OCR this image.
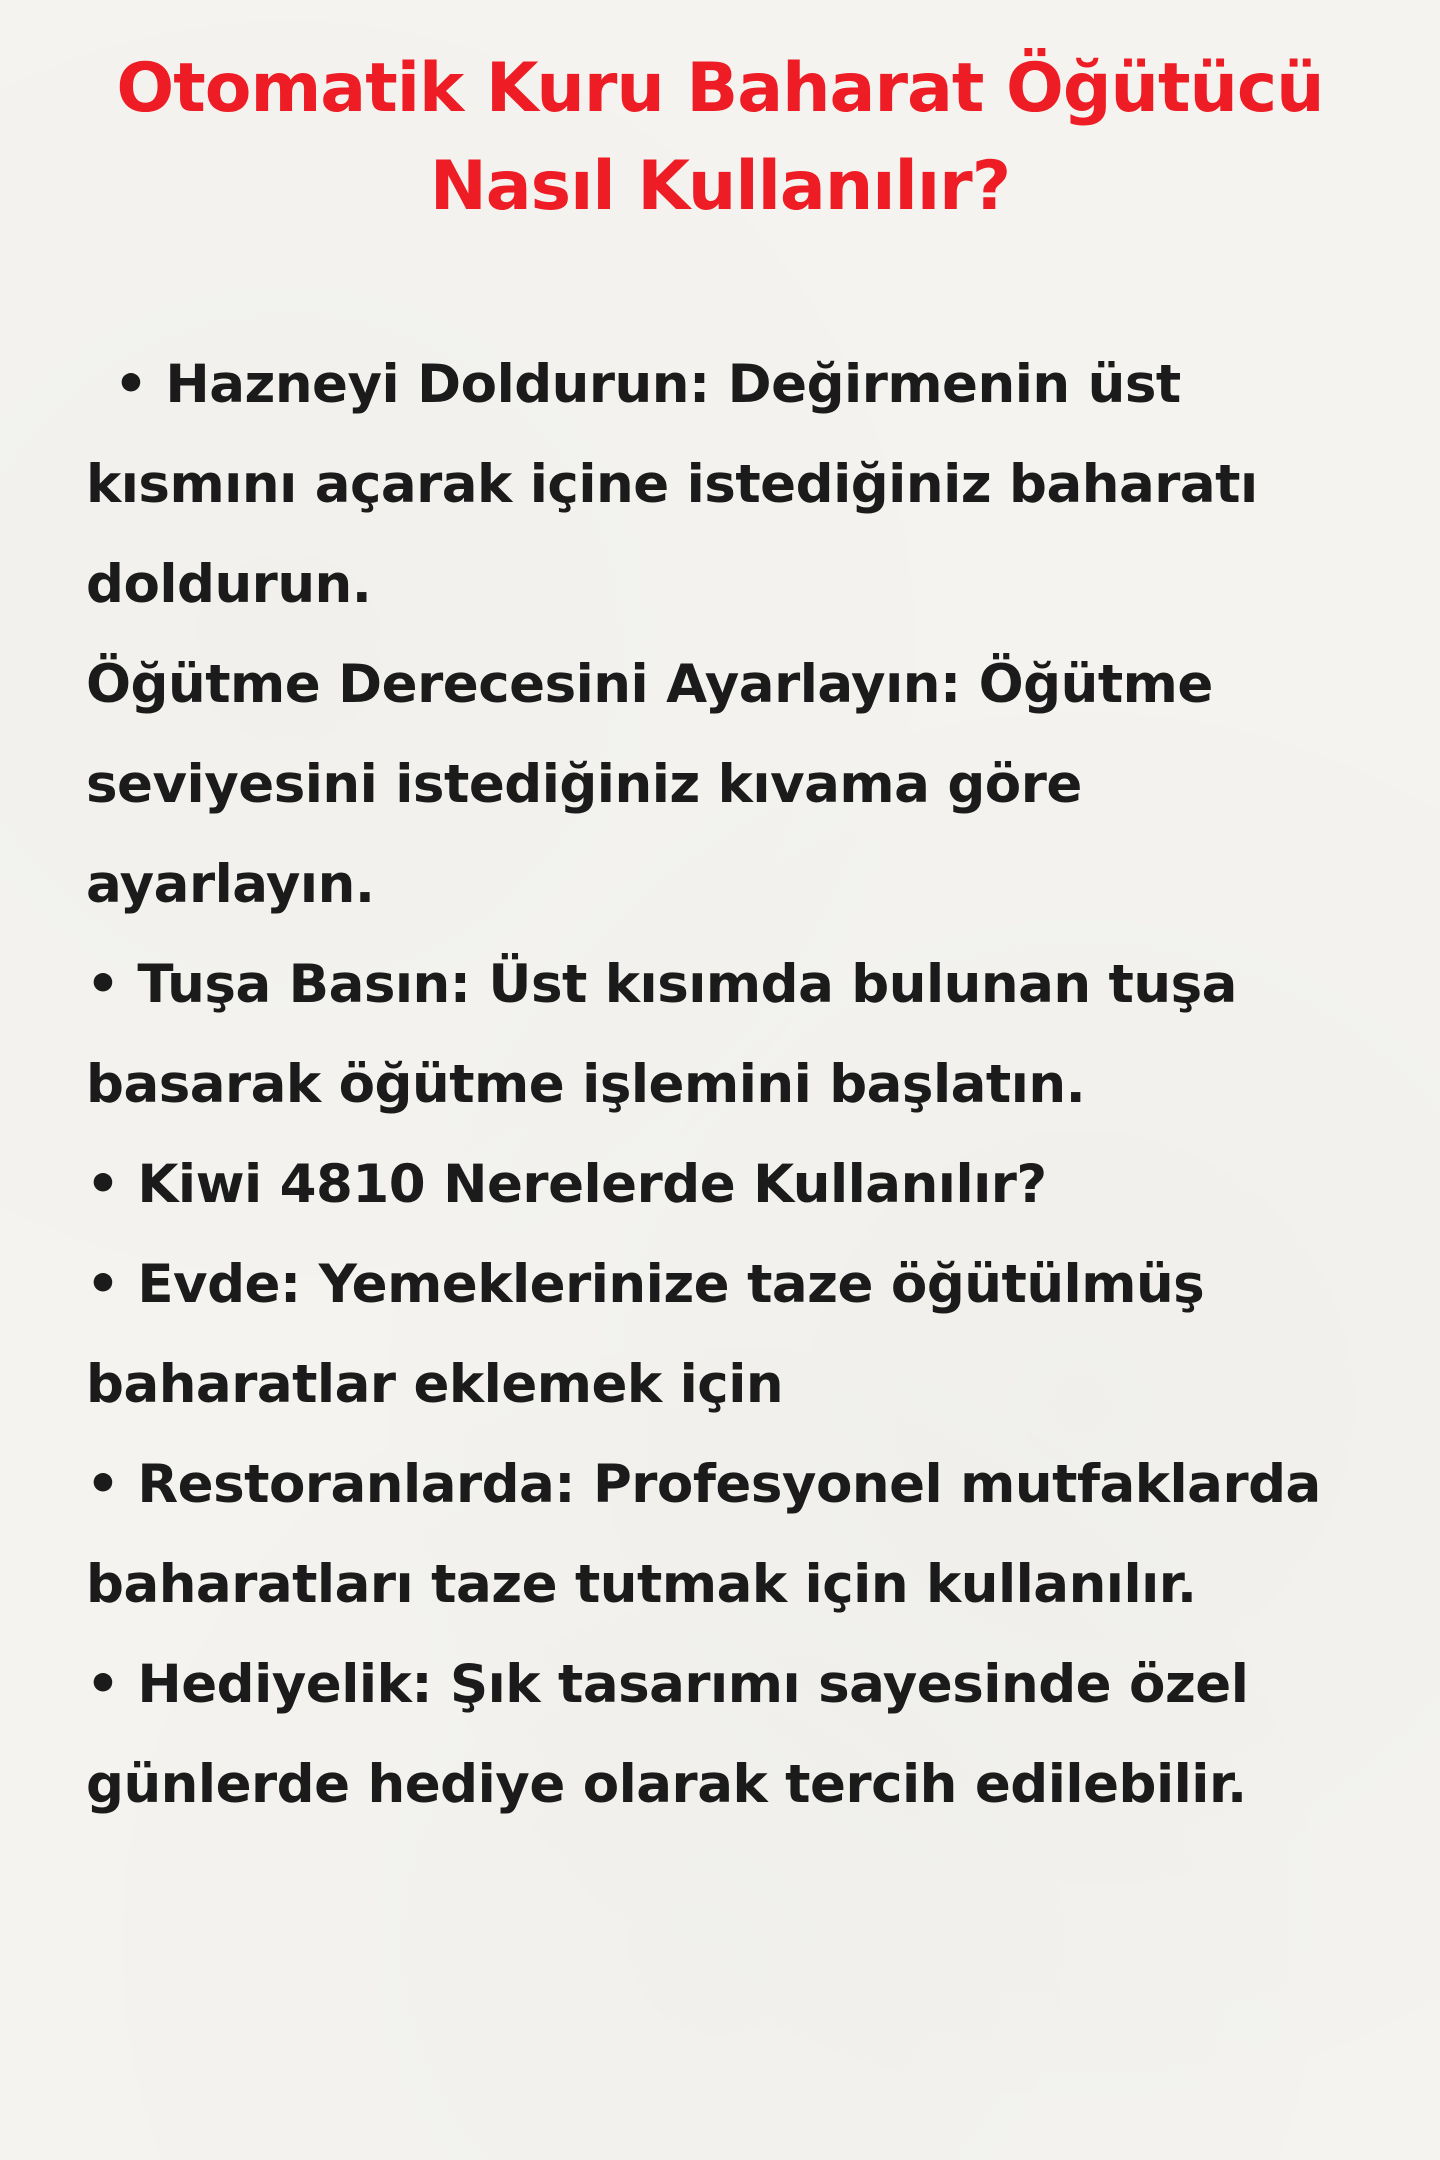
Otomatik Kuru Baharat Öğütücü
Nasıl Kullanılır?

• Hazneyi Doldurun: Değirmenin üst kısmını açarak içine istediğiniz baharatı doldurun.

Öğütme Derecesini Ayarlayın: Öğütme seviyesini istediğiniz kıvama göre ayarlayın.

• Tuşa Basın: Üst kısımda bulunan tuşa basarak öğütme işlemini başlatın.

• Kiwi 4810 Nerelerde Kullanılır?

• Evde: Yemeklerinize taze öğütülmüş baharatlar eklemek için

• Restoranlarda: Profesyonel mutfaklarda baharatları taze tutmak için kullanılır.

• Hediyelik: Şık tasarımı sayesinde özel günlerde hediye olarak tercih edilebilir.
